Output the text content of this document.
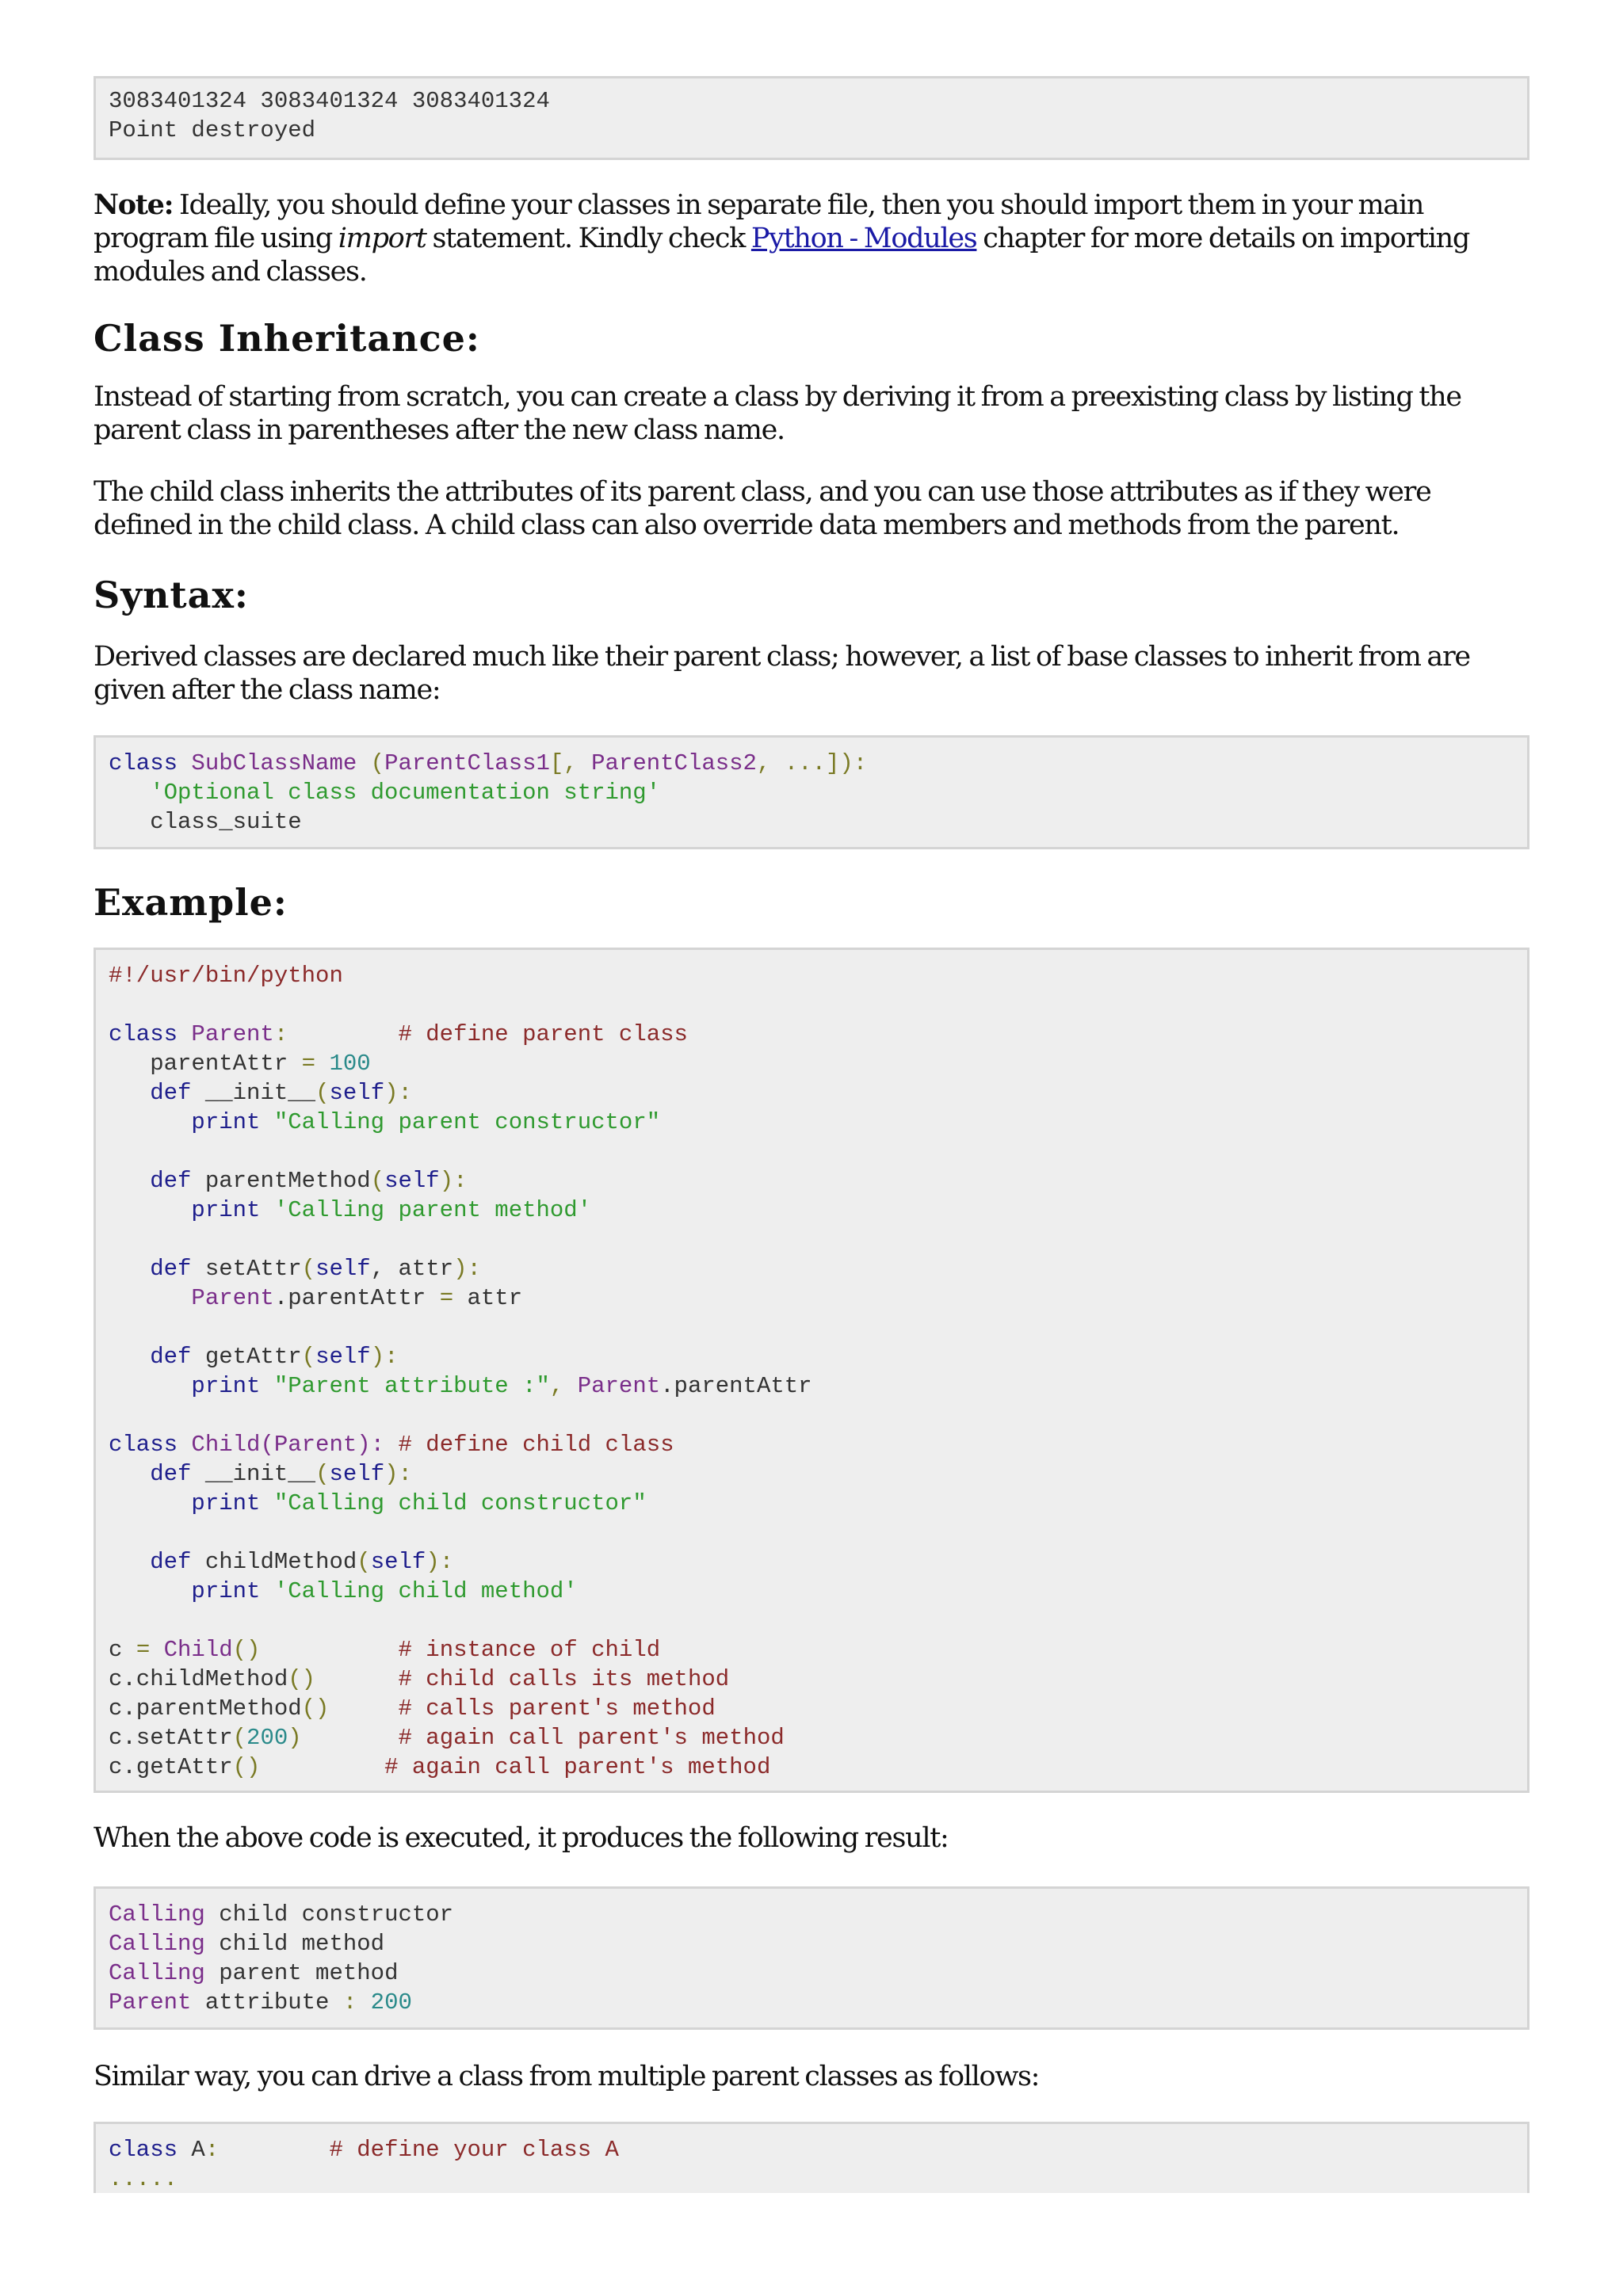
3083401324 3083401324 3083401324
Point destroyed

Note: Ideally, you should define your classes in separate file, then you should import them in your main program file using import statement. Kindly check Python - Modules chapter for more details on importing modules and classes.

Class Inheritance:

Instead of starting from scratch, you can create a class by deriving it from a preexisting class by listing the parent class in parentheses after the new class name.

The child class inherits the attributes of its parent class, and you can use those attributes as if they were defined in the child class. A child class can also override data members and methods from the parent.

Syntax:

Derived classes are declared much like their parent class; however, a list of base classes to inherit from are given after the class name:

class SubClassName (ParentClass1[, ParentClass2, ...]):
'Optional class documentation string'
class_suite
Example:
#!/usr/bin/python
class Parent:        # define parent class
parentAttr = 100
def __init__(self):
print "Calling parent constructor"
def parentMethod(self):
print 'Calling parent method'
def setAttr(self, attr):
Parent.parentAttr = attr
def getAttr(self):
print "Parent attribute :", Parent.parentAttr
class Child(Parent): # define child class
def __init__(self):
print "Calling child constructor"
def childMethod(self):
print 'Calling child method'
c = Child()          # instance of child
c.childMethod()      # child calls its method
c.parentMethod()     # calls parent's method
c.setAttr(200)       # again call parent's method
c.getAttr()         # again call parent's method

When the above code is executed, it produces the following result:

Calling child constructor
Calling child method
Calling parent method
Parent attribute : 200

Similar way, you can drive a class from multiple parent classes as follows:

class A:        # define your class A
.....
